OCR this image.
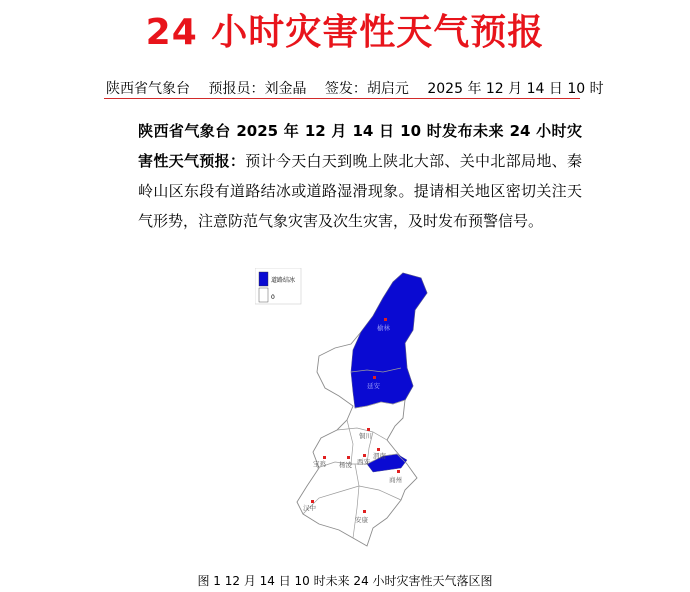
24 小时灾害性天气预报
陕西省气象台 预报员：刘金晶 签发：胡启元 2025 年 12 月 14 日 10 时
陕西省气象台 2025 年 12 月 14 日 10 时发布未来 24 小时灾害性天气预报：预计今天白天到晚上陕北大部、关中北部局地、秦岭山区东段有道路结冰或道路湿滑现象。提请相关地区密切关注天气形势，注意防范气象灾害及次生灾害，及时发布预警信号。
道路结冰
0
榆林
延安
铜川
宝鸡 杨凌 西安
渭南
商州
汉中
安康
图 1 12 月 14 日 10 时未来 24 小时灾害性天气落区图
